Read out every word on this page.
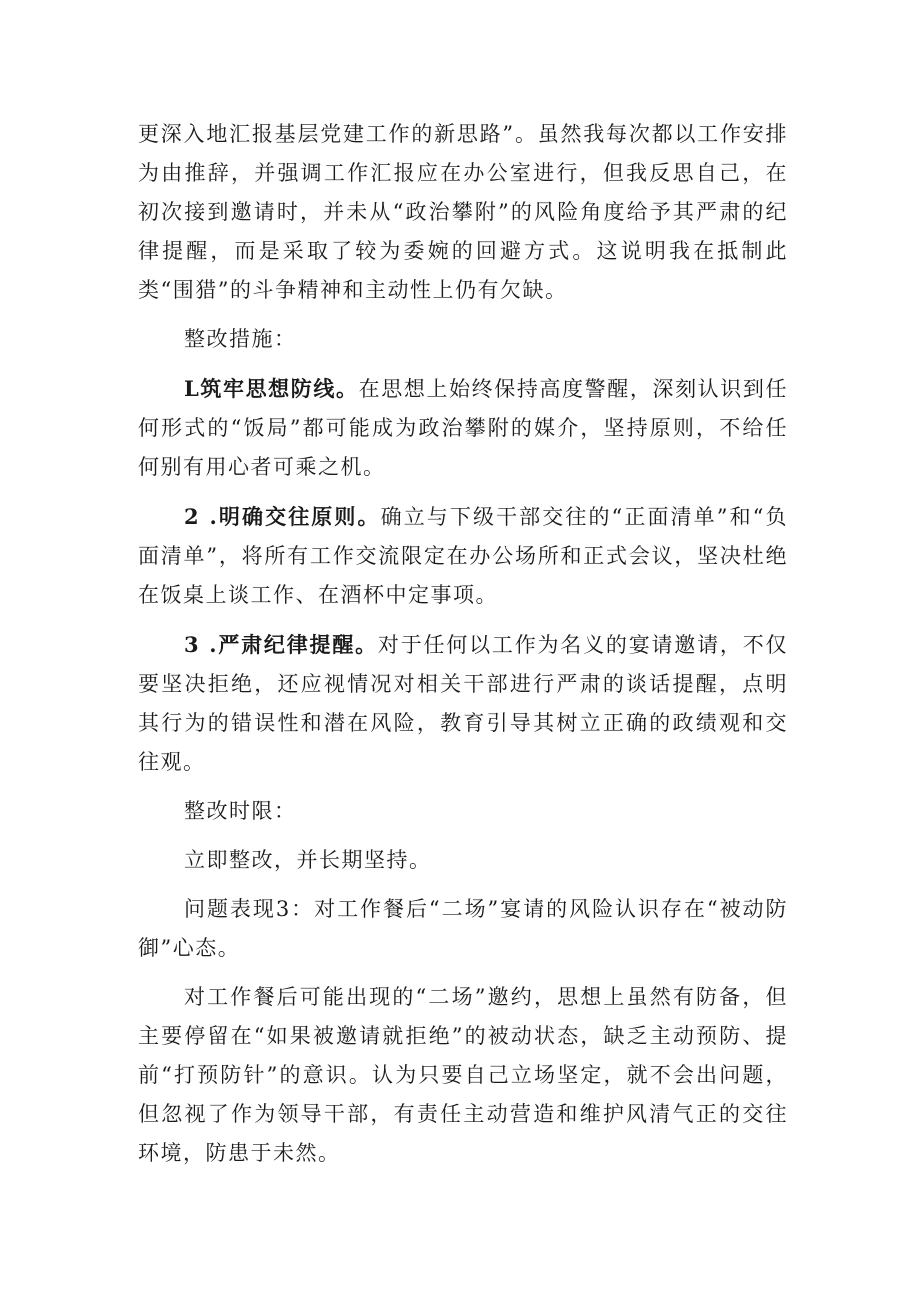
更深入地汇报基层党建工作的新思路”。虽然我每次都以工作安排为由推辞，并强调工作汇报应在办公室进行，但我反思自己，在初次接到邀请时，并未从“政治攀附”的风险角度给予其严肃的纪律提醒，而是采取了较为委婉的回避方式。这说明我在抵制此类“围猎”的斗争精神和主动性上仍有欠缺。

整改措施：

L筑牢思想防线。在思想上始终保持高度警醒，深刻认识到任何形式的“饭局”都可能成为政治攀附的媒介，坚持原则，不给任何别有用心者可乘之机。

2 .明确交往原则。确立与下级干部交往的“正面清单”和“负面清单”，将所有工作交流限定在办公场所和正式会议，坚决杜绝在饭桌上谈工作、在酒杯中定事项。

3 .严肃纪律提醒。对于任何以工作为名义的宴请邀请，不仅要坚决拒绝，还应视情况对相关干部进行严肃的谈话提醒，点明其行为的错误性和潜在风险，教育引导其树立正确的政绩观和交往观。

整改时限：

立即整改，并长期坚持。

问题表现3：对工作餐后“二场”宴请的风险认识存在“被动防御”心态。

对工作餐后可能出现的“二场”邀约，思想上虽然有防备，但主要停留在“如果被邀请就拒绝”的被动状态，缺乏主动预防、提前“打预防针”的意识。认为只要自己立场坚定，就不会出问题，但忽视了作为领导干部，有责任主动营造和维护风清气正的交往环境，防患于未然。
